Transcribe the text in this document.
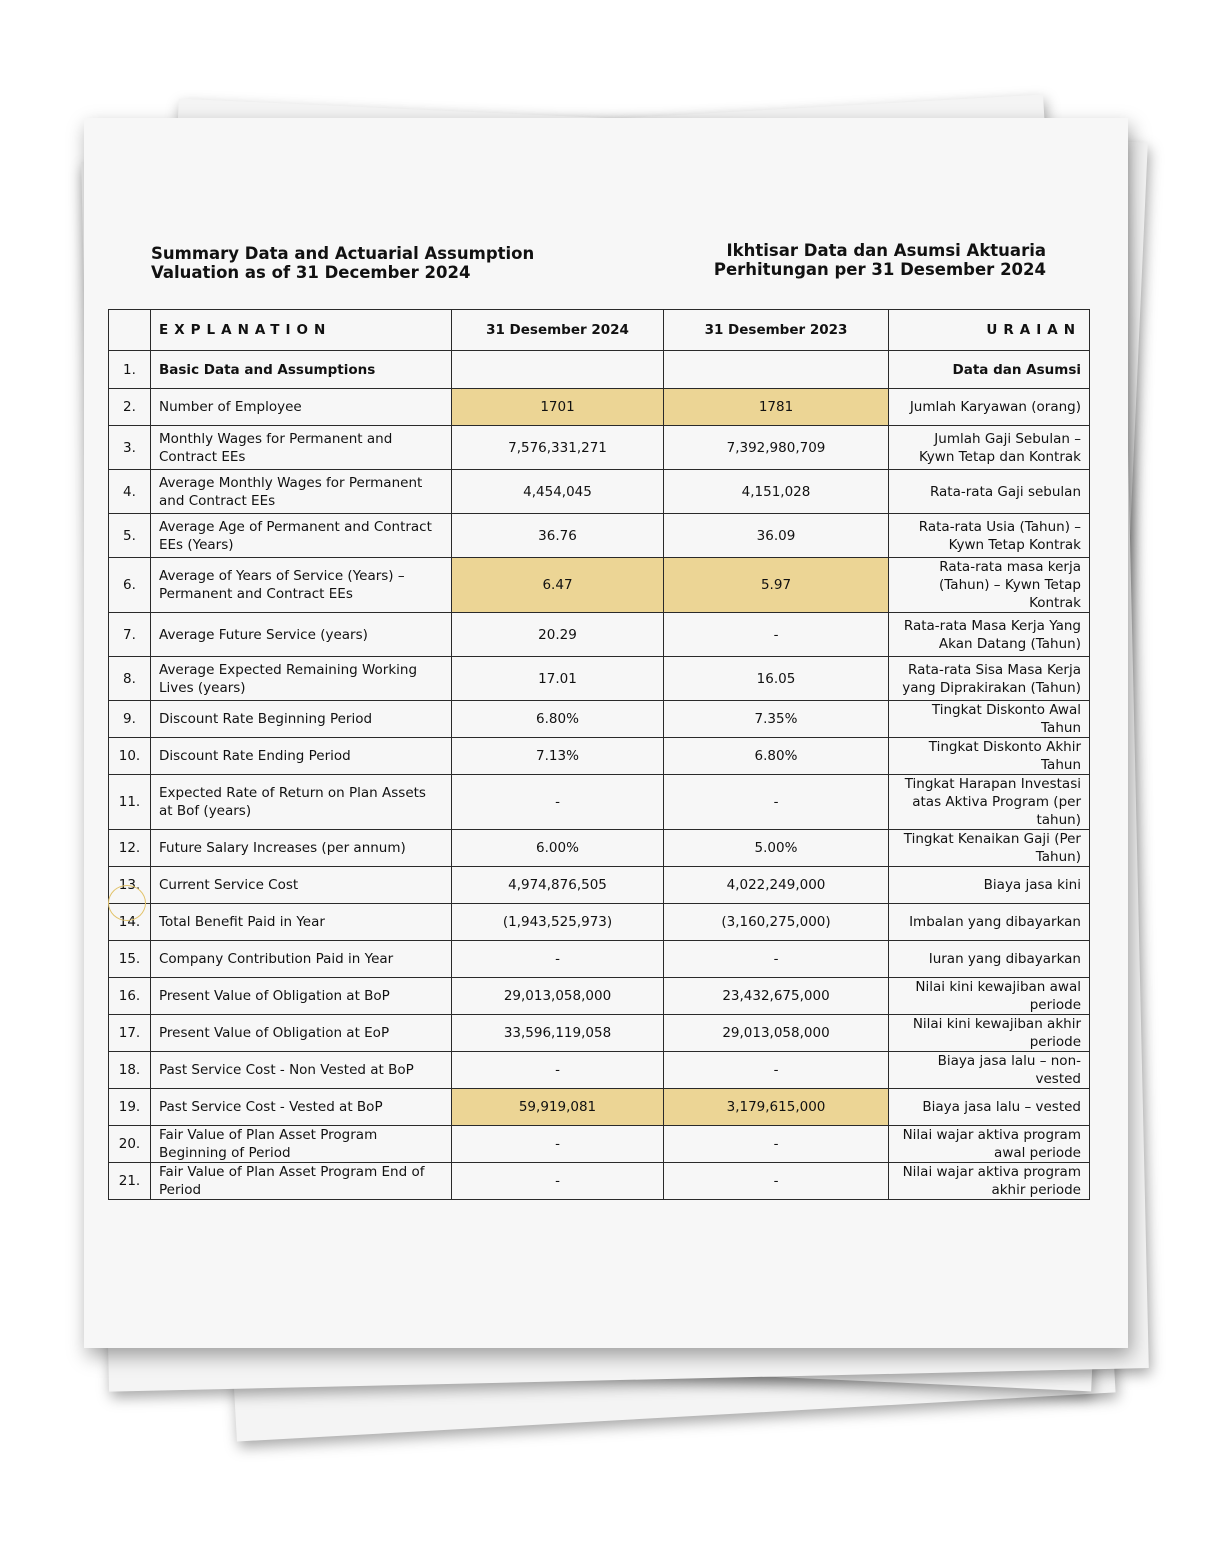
Summary Data and Actuarial Assumption
Valuation as of 31 December 2024
Ikhtisar Data dan Asumsi Aktuaria
Perhitungan per 31 Desember 2024
	EXPLANATION	31 Desember 2024	31 Desember 2023	URAIAN
1.	Basic Data and Assumptions			Data dan Asumsi
2.	Number of Employee	1701	1781	Jumlah Karyawan (orang)
3.	Monthly Wages for Permanent and Contract EEs	7,576,331,271	7,392,980,709	Jumlah Gaji Sebulan – Kywn Tetap dan Kontrak
4.	Average Monthly Wages for Permanent and Contract EEs	4,454,045	4,151,028	Rata-rata Gaji sebulan
5.	Average Age of Permanent and Contract EEs (Years)	36.76	36.09	Rata-rata Usia (Tahun) – Kywn Tetap Kontrak
6.	Average of Years of Service (Years) – Permanent and Contract EEs	6.47	5.97	Rata-rata masa kerja (Tahun) – Kywn Tetap Kontrak
7.	Average Future Service (years)	20.29	-	Rata-rata Masa Kerja Yang Akan Datang (Tahun)
8.	Average Expected Remaining Working Lives (years)	17.01	16.05	Rata-rata Sisa Masa Kerja yang Diprakirakan (Tahun)
9.	Discount Rate Beginning Period	6.80%	7.35%	Tingkat Diskonto Awal Tahun
10.	Discount Rate Ending Period	7.13%	6.80%	Tingkat Diskonto Akhir Tahun
11.	Expected Rate of Return on Plan Assets at Bof (years)	-	-	Tingkat Harapan Investasi atas Aktiva Program (per tahun)
12.	Future Salary Increases (per annum)	6.00%	5.00%	Tingkat Kenaikan Gaji (Per Tahun)
13.	Current Service Cost	4,974,876,505	4,022,249,000	Biaya jasa kini
14.	Total Benefit Paid in Year	(1,943,525,973)	(3,160,275,000)	Imbalan yang dibayarkan
15.	Company Contribution Paid in Year	-	-	Iuran yang dibayarkan
16.	Present Value of Obligation at BoP	29,013,058,000	23,432,675,000	Nilai kini kewajiban awal periode
17.	Present Value of Obligation at EoP	33,596,119,058	29,013,058,000	Nilai kini kewajiban akhir periode
18.	Past Service Cost - Non Vested at BoP	-	-	Biaya jasa lalu – non-vested
19.	Past Service Cost - Vested at BoP	59,919,081	3,179,615,000	Biaya jasa lalu – vested
20.	Fair Value of Plan Asset Program Beginning of Period	-	-	Nilai wajar aktiva program awal periode
21.	Fair Value of Plan Asset Program End of Period	-	-	Nilai wajar aktiva program akhir periode
